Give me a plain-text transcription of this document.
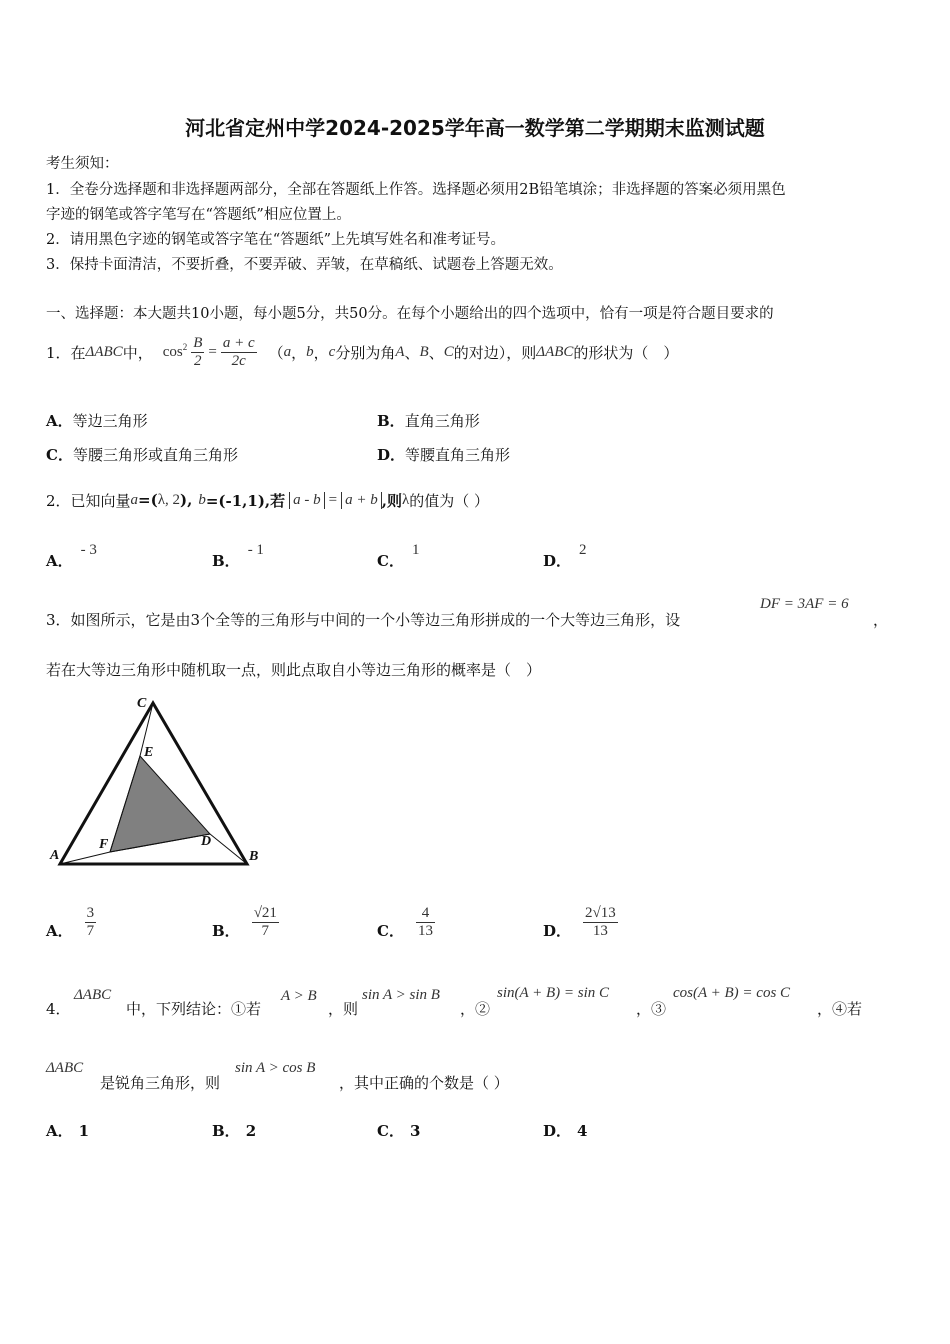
河北省定州中学2024-2025学年高一数学第二学期期末监测试题
考生须知：
1．全卷分选择题和非选择题两部分，全部在答题纸上作答。选择题必须用2B铅笔填涂；非选择题的答案必须用黑色
字迹的钢笔或答字笔写在“答题纸”相应位置上。
2．请用黑色字迹的钢笔或答字笔在“答题纸”上先填写姓名和准考证号。
3．保持卡面清洁，不要折叠，不要弄破、弄皱，在草稿纸、试题卷上答题无效。
一、选择题：本大题共10小题，每小题5分，共50分。在每个小题给出的四个选项中，恰有一项是符合题目要求的
1．在 ΔABC 中， $\cos^2 \frac{B}{2} = \frac{a + c}{2c}$ （ a ， b ， c 分别为角 A 、 B 、 C 的对边），则 ΔABC 的形状为（　）
A．等边三角形	B．直角三角形
C．等腰三角形或直角三角形	D．等腰直角三角形
2．已知向量 a =( λ, 2 ), b =(-1,1),若 a - b = a + b ,则 λ 的值为（ ）
A．- 3
B．- 1
C．1
D．2
3．如图所示，它是由3个全等的三角形与中间的一个小等边三角形拼成的一个大等边三角形，设
DF = 3AF = 6
，
若在大等边三角形中随机取一点，则此点取自小等边三角形的概率是（　）
C
E
A
F	D
B
A． $\frac{3}{7}$	B． $\frac{√21}{7}$	C． $\frac{4}{13}$	D． $\frac{2√13}{13}$
4．
ΔABC
中，下列结论：①若
A > B
，则
sin A > sin B
，②
sin(A + B) = sin C
，③
cos(A + B) = cos C
，④若
ΔABC
是锐角三角形，则
sin A > cos B
，其中正确的个数是（ ）
A． 1	B． 2	C． 3	D． 4
